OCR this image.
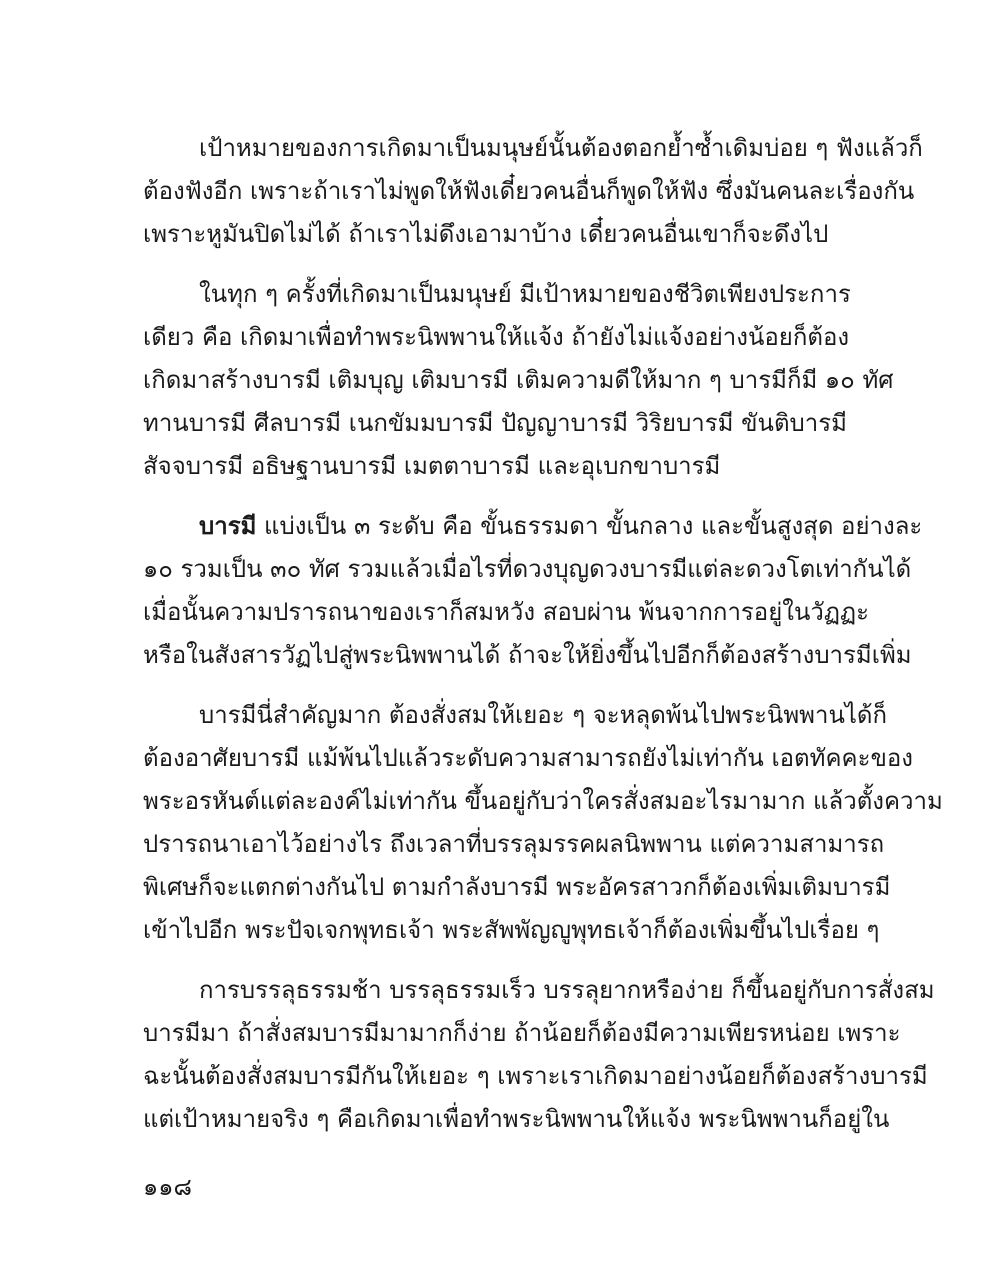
เป้าหมายของการเกิดมาเป็นมนุษย์นั้นต้องตอกย้ำซ้ำเดิมบ่อย ๆ ฟังแล้วก็
ต้องฟังอีก เพราะถ้าเราไม่พูดให้ฟังเดี๋ยวคนอื่นก็พูดให้ฟัง ซึ่งมันคนละเรื่องกัน
เพราะหูมันปิดไม่ได้ ถ้าเราไม่ดึงเอามาบ้าง เดี๋ยวคนอื่นเขาก็จะดึงไป

ในทุก ๆ ครั้งที่เกิดมาเป็นมนุษย์ มีเป้าหมายของชีวิตเพียงประการ
เดียว คือ เกิดมาเพื่อทำพระนิพพานให้แจ้ง ถ้ายังไม่แจ้งอย่างน้อยก็ต้อง
เกิดมาสร้างบารมี เติมบุญ เติมบารมี เติมความดีให้มาก ๆ บารมีก็มี ๑๐ ทัศ
ทานบารมี ศีลบารมี เนกขัมมบารมี ปัญญาบารมี วิริยบารมี ขันติบารมี
สัจจบารมี อธิษฐานบารมี เมตตาบารมี และอุเบกขาบารมี

บารมี แบ่งเป็น ๓ ระดับ คือ ขั้นธรรมดา ขั้นกลาง และขั้นสูงสุด อย่างละ
๑๐ รวมเป็น ๓๐ ทัศ รวมแล้วเมื่อไรที่ดวงบุญดวงบารมีแต่ละดวงโตเท่ากันได้
เมื่อนั้นความปรารถนาของเราก็สมหวัง สอบผ่าน พ้นจากการอยู่ในวัฏฏะ
หรือในสังสารวัฏไปสู่พระนิพพานได้ ถ้าจะให้ยิ่งขึ้นไปอีกก็ต้องสร้างบารมีเพิ่ม

บารมีนี่สำคัญมาก ต้องสั่งสมให้เยอะ ๆ จะหลุดพ้นไปพระนิพพานได้ก็
ต้องอาศัยบารมี แม้พ้นไปแล้วระดับความสามารถยังไม่เท่ากัน เอตทัคคะของ
พระอรหันต์แต่ละองค์ไม่เท่ากัน ขึ้นอยู่กับว่าใครสั่งสมอะไรมามาก แล้วตั้งความ
ปรารถนาเอาไว้อย่างไร ถึงเวลาที่บรรลุมรรคผลนิพพาน แต่ความสามารถ
พิเศษก็จะแตกต่างกันไป ตามกำลังบารมี พระอัครสาวกก็ต้องเพิ่มเติมบารมี
เข้าไปอีก พระปัจเจกพุทธเจ้า พระสัพพัญญูพุทธเจ้าก็ต้องเพิ่มขึ้นไปเรื่อย ๆ

การบรรลุธรรมช้า บรรลุธรรมเร็ว บรรลุยากหรือง่าย ก็ขึ้นอยู่กับการสั่งสม
บารมีมา ถ้าสั่งสมบารมีมามากก็ง่าย ถ้าน้อยก็ต้องมีความเพียรหน่อย เพราะ
ฉะนั้นต้องสั่งสมบารมีกันให้เยอะ ๆ เพราะเราเกิดมาอย่างน้อยก็ต้องสร้างบารมี
แต่เป้าหมายจริง ๆ คือเกิดมาเพื่อทำพระนิพพานให้แจ้ง พระนิพพานก็อยู่ใน

๑๑๘
